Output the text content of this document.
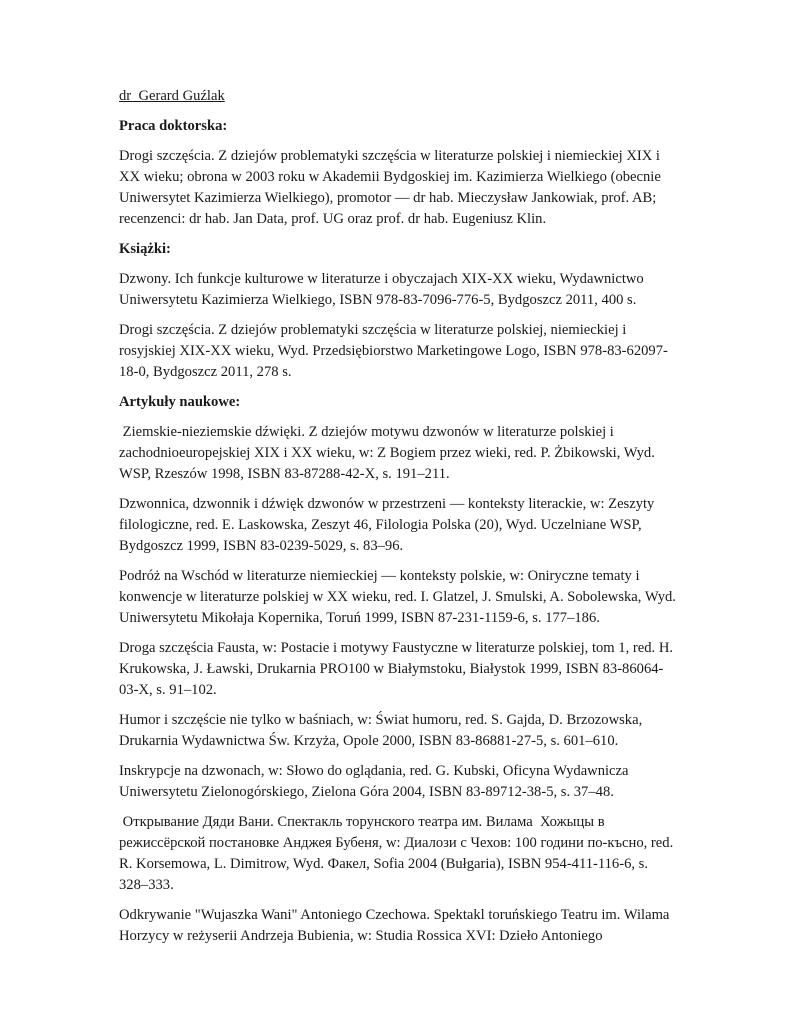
dr  Gerard Guźlak
Praca doktorska:
Drogi szczęścia. Z dziejów problematyki szczęścia w literaturze polskiej i niemieckiej XIX i XX wieku; obrona w 2003 roku w Akademii Bydgoskiej im. Kazimierza Wielkiego (obecnie Uniwersytet Kazimierza Wielkiego), promotor — dr hab. Mieczysław Jankowiak, prof. AB; recenzenci: dr hab. Jan Data, prof. UG oraz prof. dr hab. Eugeniusz Klin.
Książki:
Dzwony. Ich funkcje kulturowe w literaturze i obyczajach XIX-XX wieku, Wydawnictwo Uniwersytetu Kazimierza Wielkiego, ISBN 978-83-7096-776-5, Bydgoszcz 2011, 400 s.
Drogi szczęścia. Z dziejów problematyki szczęścia w literaturze polskiej, niemieckiej i rosyjskiej XIX-XX wieku, Wyd. Przedsiębiorstwo Marketingowe Logo, ISBN 978-83-62097-18-0, Bydgoszcz 2011, 278 s.
Artykuły naukowe:
Ziemskie-nieziemskie dźwięki. Z dziejów motywu dzwonów w literaturze polskiej i zachodnioeuropejskiej XIX i XX wieku, w: Z Bogiem przez wieki, red. P. Żbikowski, Wyd. WSP, Rzeszów 1998, ISBN 83-87288-42-X, s. 191–211.
Dzwonnica, dzwonnik i dźwięk dzwonów w przestrzeni — konteksty literackie, w: Zeszyty filologiczne, red. E. Laskowska, Zeszyt 46, Filologia Polska (20), Wyd. Uczelniane WSP, Bydgoszcz 1999, ISBN 83-0239-5029, s. 83–96.
Podróż na Wschód w literaturze niemieckiej — konteksty polskie, w: Oniryczne tematy i konwencje w literaturze polskiej w XX wieku, red. I. Glatzel, J. Smulski, A. Sobolewska, Wyd. Uniwersytetu Mikołaja Kopernika, Toruń 1999, ISBN 87-231-1159-6, s. 177–186.
Droga szczęścia Fausta, w: Postacie i motywy Faustyczne w literaturze polskiej, tom 1, red. H. Krukowska, J. Ławski, Drukarnia PRO100 w Białymstoku, Białystok 1999, ISBN 83-86064-03-X, s. 91–102.
Humor i szczęście nie tylko w baśniach, w: Świat humoru, red. S. Gajda, D. Brzozowska, Drukarnia Wydawnictwa Św. Krzyża, Opole 2000, ISBN 83-86881-27-5, s. 601–610.
Inskrypcje na dzwonach, w: Słowo do oglądania, red. G. Kubski, Oficyna Wydawnicza Uniwersytetu Zielonogórskiego, Zielona Góra 2004, ISBN 83-89712-38-5, s. 37–48.
Открывание Дяди Вани. Спектакль торунского театра им. Вилама  Хожыцы в режиссёрской постановке Анджея Бубеня, w: Диалози с Чехов: 100 години по-късно, red. R. Korsemowa, L. Dimitrow, Wyd. Факел, Sofia 2004 (Bułgaria), ISBN 954-411-116-6, s. 328–333.
Odkrywanie "Wujaszka Wani" Antoniego Czechowa. Spektakl toruńskiego Teatru im. Wilama Horzycy w reżyserii Andrzeja Bubienia, w: Studia Rossica XVI: Dzieło Antoniego
